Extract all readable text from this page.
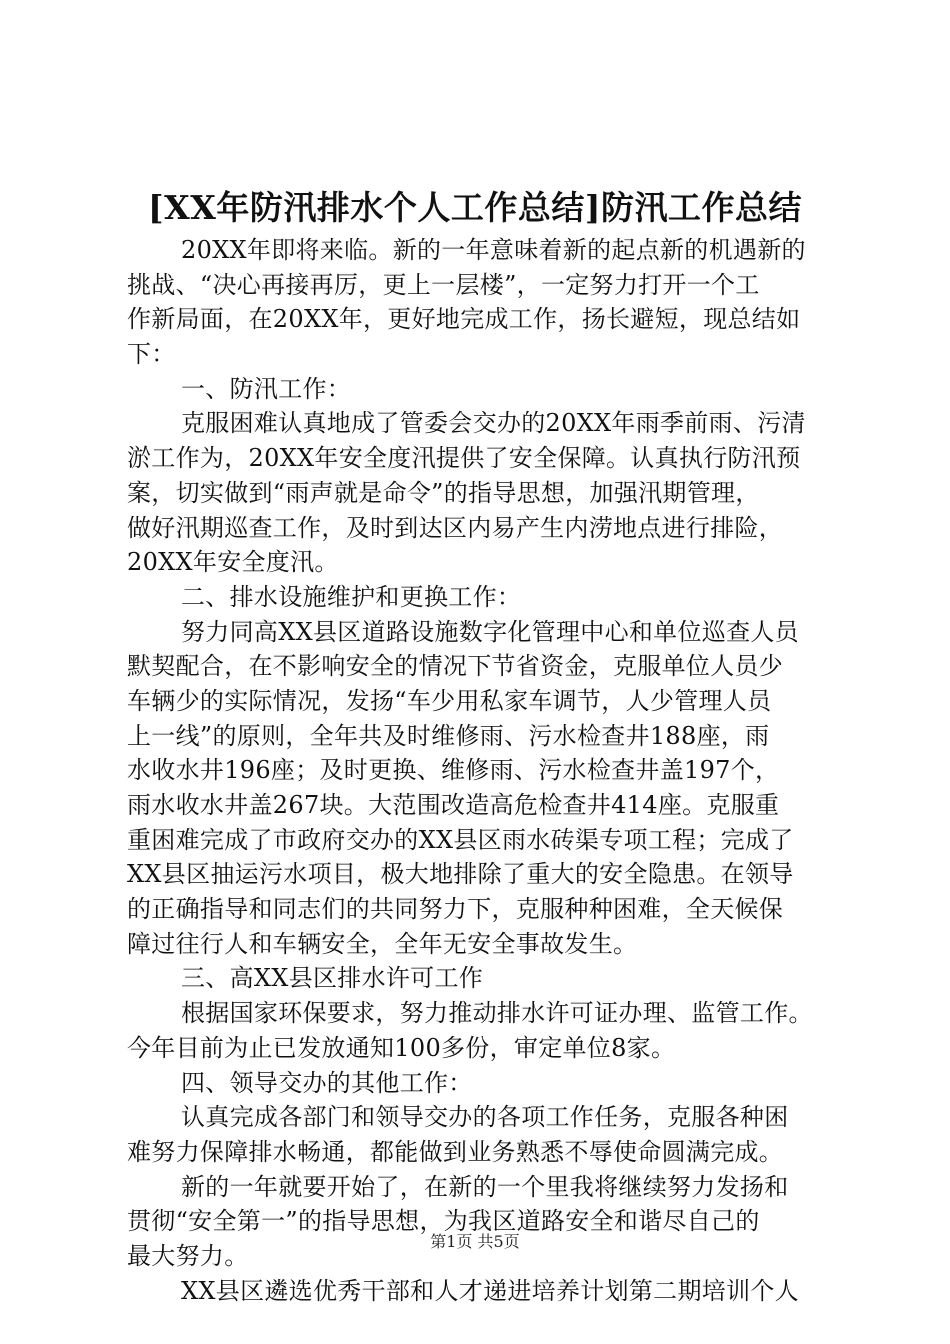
[XX年防汛排水个人工作总结]防汛工作总结
20XX年即将来临。新的一年意味着新的起点新的机遇新的
挑战、“决心再接再厉，更上一层楼”，一定努力打开一个工
作新局面，在20XX年，更好地完成工作，扬长避短，现总结如
下：
一、防汛工作：
克服困难认真地成了管委会交办的20XX年雨季前雨、污清
淤工作为，20XX年安全度汛提供了安全保障。认真执行防汛预
案，切实做到“雨声就是命令”的指导思想，加强汛期管理，
做好汛期巡查工作，及时到达区内易产生内涝地点进行排险，
20XX年安全度汛。
二、排水设施维护和更换工作：
努力同高XX县区道路设施数字化管理中心和单位巡查人员
默契配合，在不影响安全的情况下节省资金，克服单位人员少
车辆少的实际情况，发扬“车少用私家车调节，人少管理人员
上一线”的原则，全年共及时维修雨、污水检查井188座，雨
水收水井196座；及时更换、维修雨、污水检查井盖197个，
雨水收水井盖267块。大范围改造高危检查井414座。克服重
重困难完成了市政府交办的XX县区雨水砖渠专项工程；完成了
XX县区抽运污水项目，极大地排除了重大的安全隐患。在领导
的正确指导和同志们的共同努力下，克服种种困难，全天候保
障过往行人和车辆安全，全年无安全事故发生。
三、高XX县区排水许可工作
根据国家环保要求，努力推动排水许可证办理、监管工作。
今年目前为止已发放通知100多份，审定单位8家。
四、领导交办的其他工作：
认真完成各部门和领导交办的各项工作任务，克服各种困
难努力保障排水畅通，都能做到业务熟悉不辱使命圆满完成。
新的一年就要开始了，在新的一个里我将继续努力发扬和
贯彻“安全第一”的指导思想，为我区道路安全和谐尽自己的
最大努力。
XX县区遴选优秀干部和人才递进培养计划第二期培训个人
第1页 共5页
